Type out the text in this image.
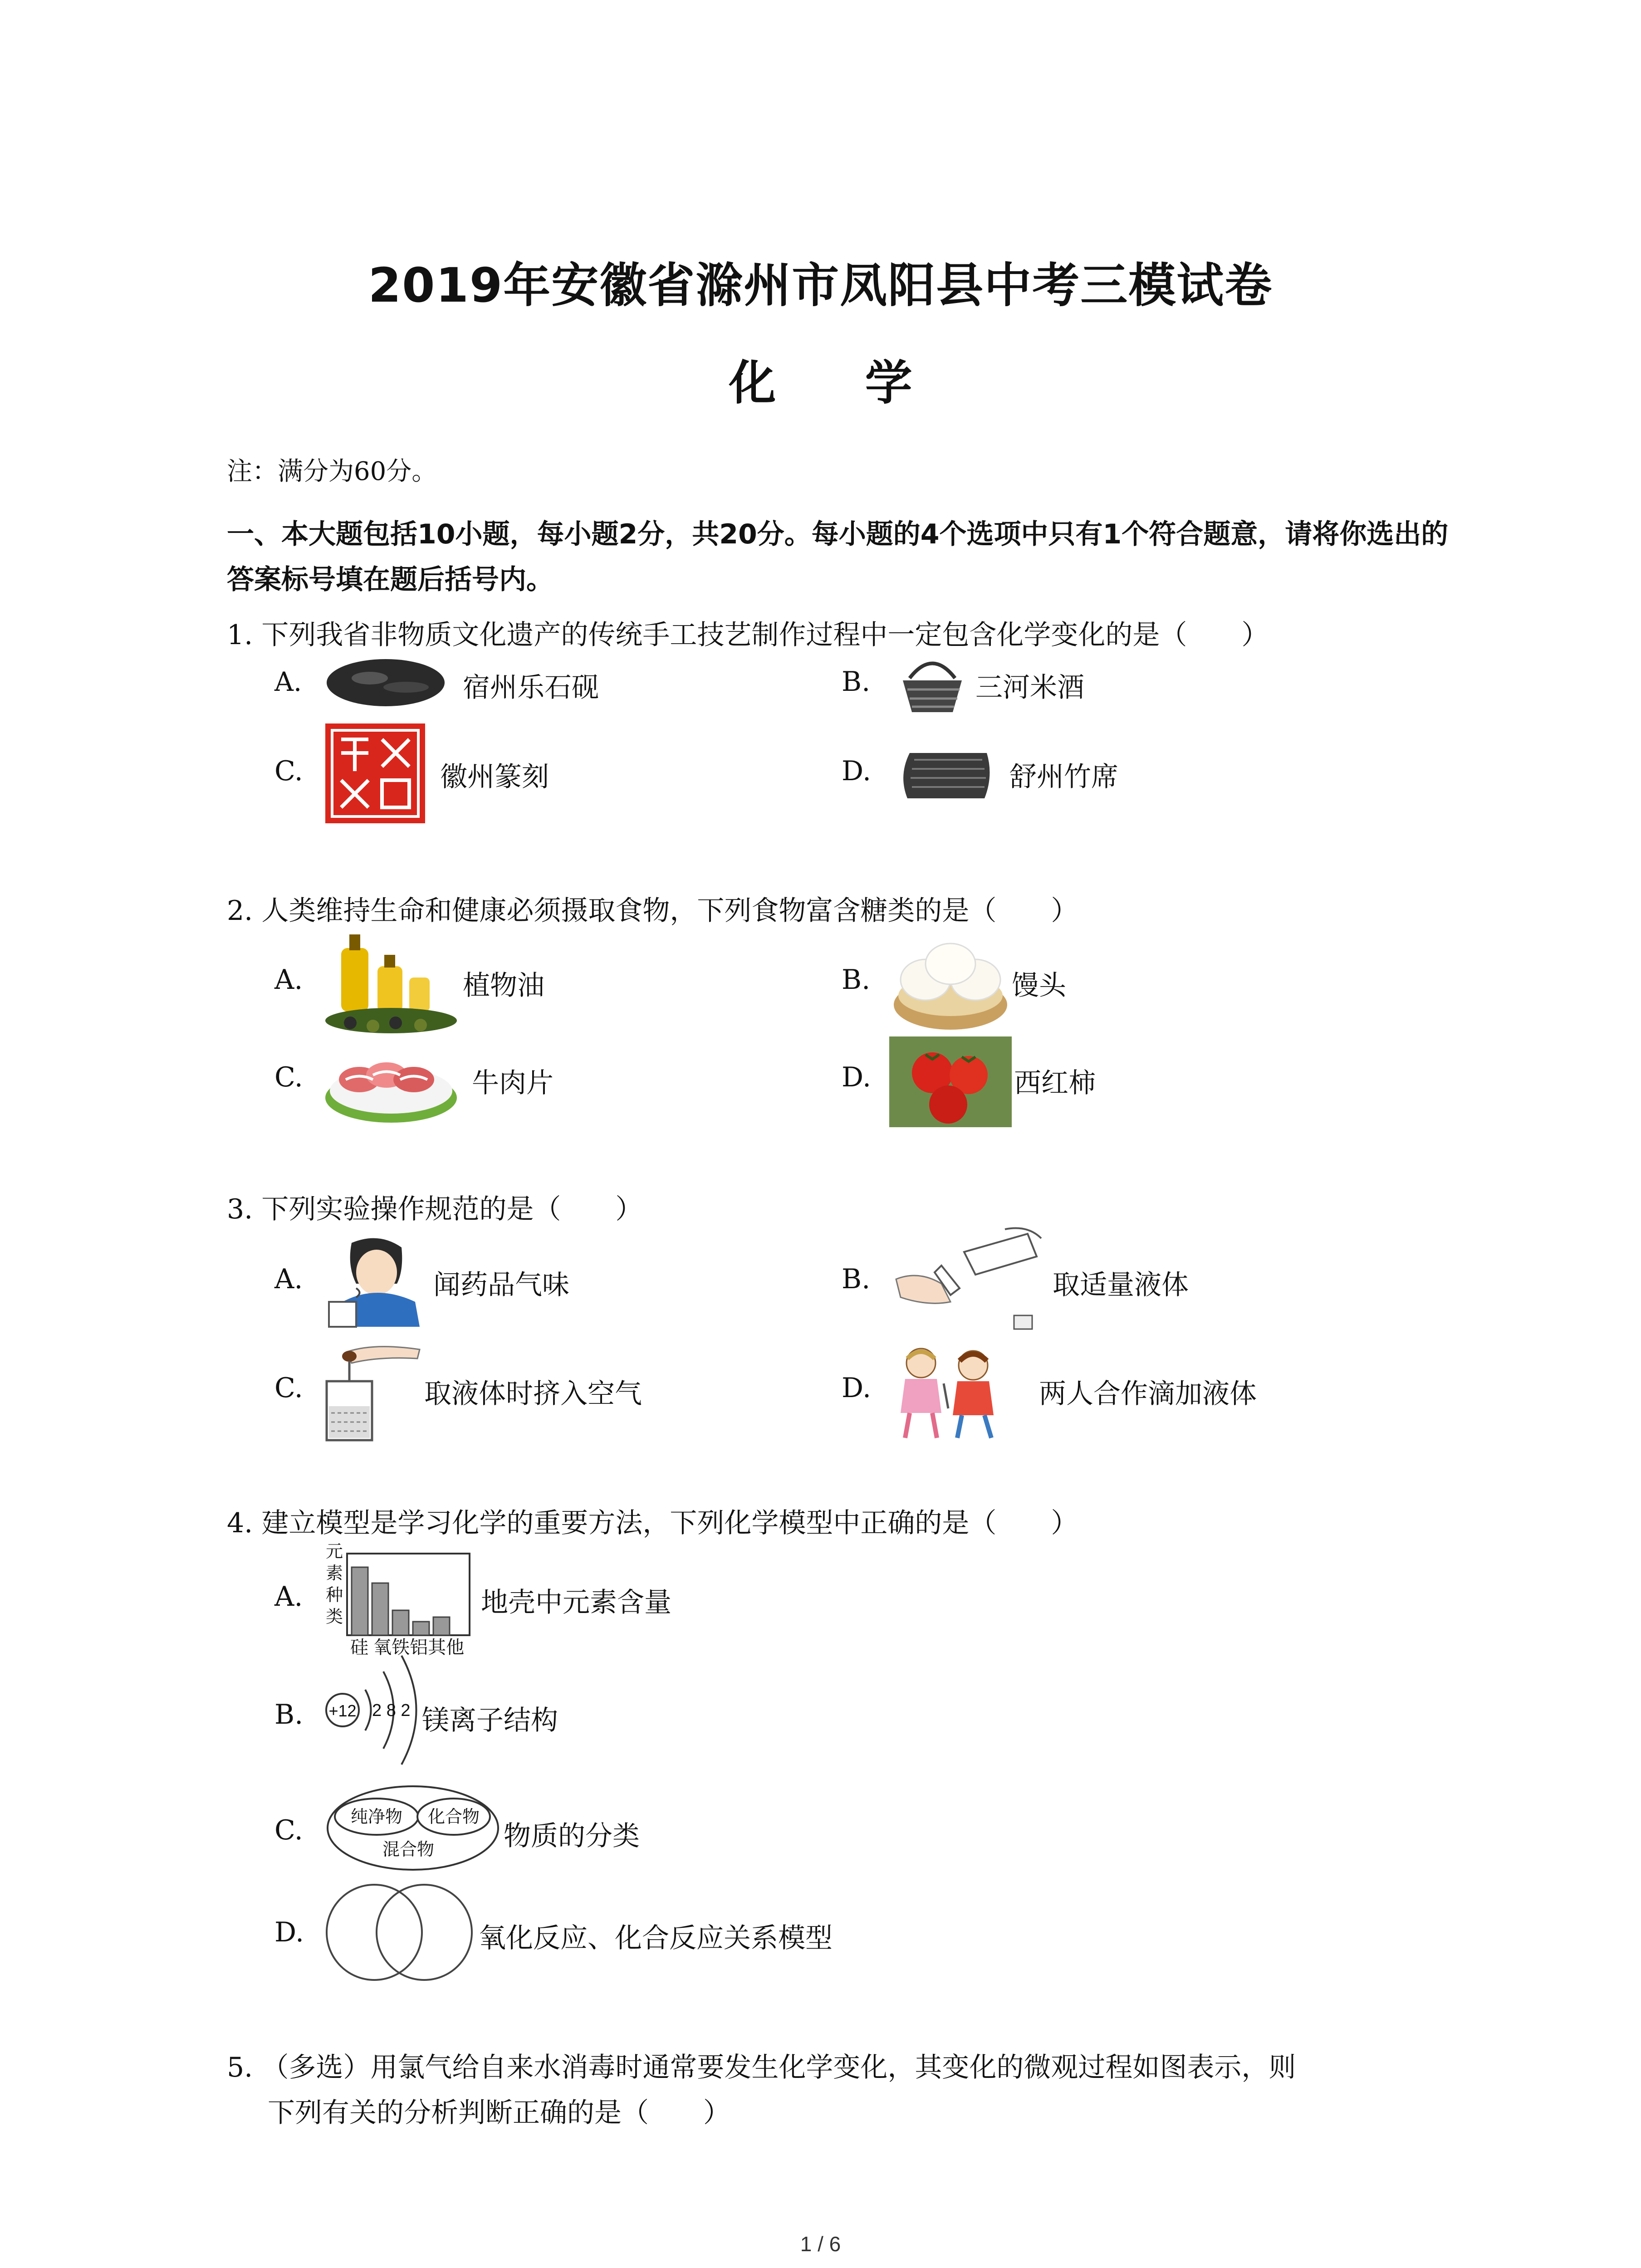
2019年安徽省滁州市凤阳县中考三模试卷
化 学
注：满分为60分。
一、本大题包括10小题，每小题2分，共20分。每小题的4个选项中只有1个符合题意，请将你选出的答案标号填在题后括号内。
1. 下列我省非物质文化遗产的传统手工技艺制作过程中一定包含化学变化的是（　　）
A.	宿州乐石砚	B.	三河米酒
C.	徽州篆刻	D.	舒州竹席
2. 人类维持生命和健康必须摄取食物，下列食物富含糖类的是（　　）
A.	植物油	B.	馒头
C.	牛肉片	D.	西红柿
3. 下列实验操作规范的是（　　）
A.	闻药品气味	B.	取适量液体
C.	取液体时挤入空气	D.	两人合作滴加液体
4. 建立模型是学习化学的重要方法，下列化学模型中正确的是（　　）
A.
元
素
种
类
硅 氧铁铝其他
地壳中元素含量
B. +12 2 8 2 镁离子结构
C.	纯净物 化合物
混合物	物质的分类
D.	氧化反应、化合反应关系模型
5. （多选）用氯气给自来水消毒时通常要发生化学变化，其变化的微观过程如图表示，则
下列有关的分析判断正确的是（　　）
1 / 6
